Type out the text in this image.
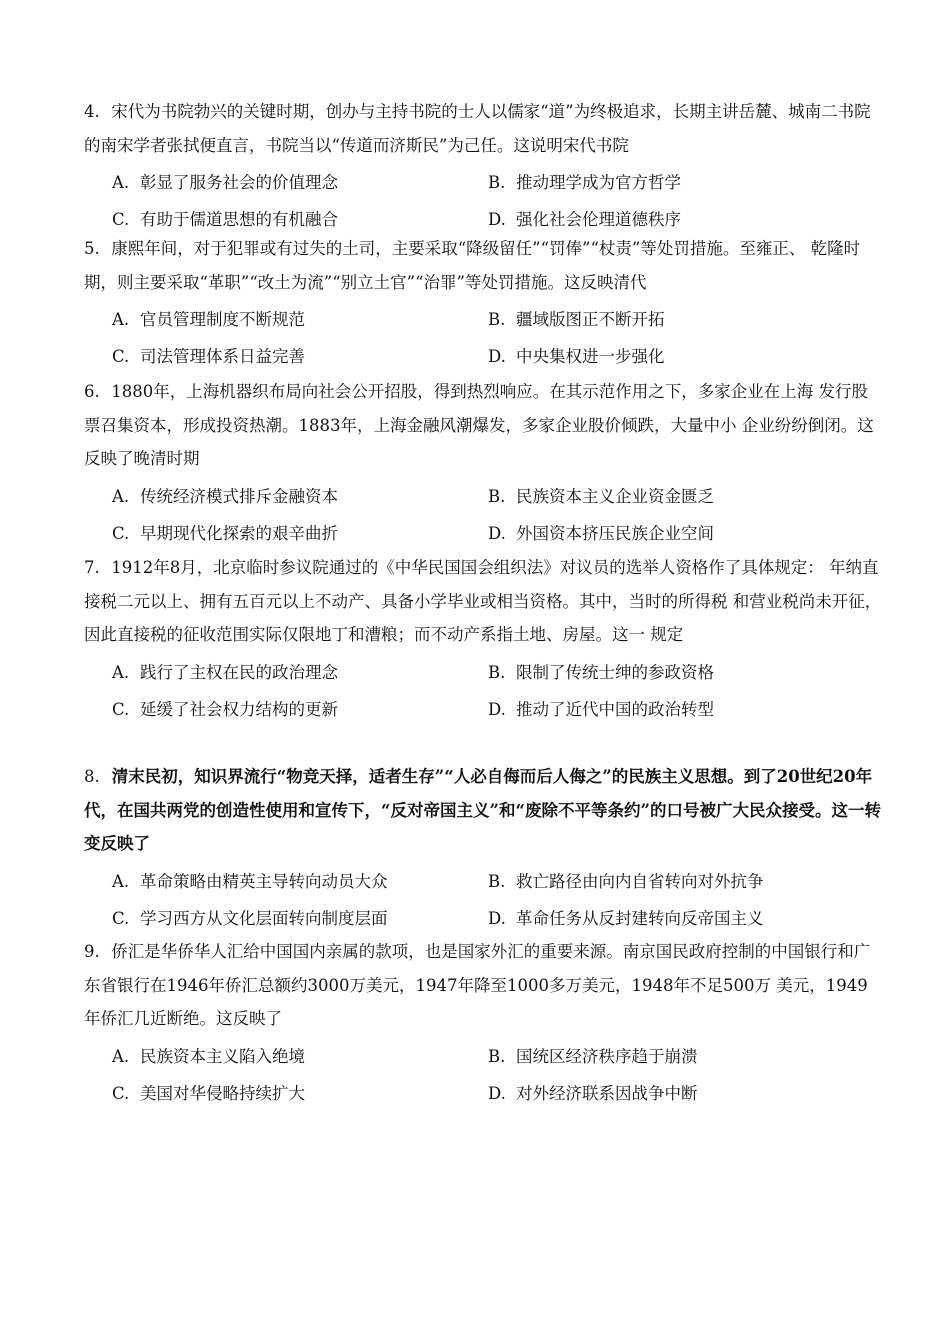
4. 宋代为书院勃兴的关键时期，创办与主持书院的士人以儒家“道”为终极追求，长期主讲岳麓、城南二书院的南宋学者张拭便直言，书院当以“传道而济斯民”为己任。这说明宋代书院
A. 彰显了服务社会的价值理念	B. 推动理学成为官方哲学
C. 有助于儒道思想的有机融合	D. 强化社会伦理道德秩序
5. 康熙年间，对于犯罪或有过失的土司，主要采取“降级留任”“罚俸”“杖责”等处罚措施。至雍正、 乾隆时期，则主要采取“革职”“改土为流”“别立土官”“治罪”等处罚措施。这反映清代
A. 官员管理制度不断规范	B. 疆域版图正不断开拓
C. 司法管理体系日益完善	D. 中央集权进一步强化
6. 1880年，上海机器织布局向社会公开招股，得到热烈响应。在其示范作用之下，多家企业在上海 发行股票召集资本，形成投资热潮。1883年，上海金融风潮爆发，多家企业股价倾跌，大量中小 企业纷纷倒闭。这反映了晚清时期
A. 传统经济模式排斥金融资本	B. 民族资本主义企业资金匮乏
C. 早期现代化探索的艰辛曲折	D. 外国资本挤压民族企业空间
7. 1912年8月，北京临时参议院通过的《中华民国国会组织法》对议员的选举人资格作了具体规定： 年纳直接税二元以上、拥有五百元以上不动产、具备小学毕业或相当资格。其中，当时的所得税 和营业税尚未开征，因此直接税的征收范围实际仅限地丁和漕粮；而不动产系指土地、房屋。这一 规定
A. 践行了主权在民的政治理念	B. 限制了传统士绅的参政资格
C. 延缓了社会权力结构的更新	D. 推动了近代中国的政治转型
8. 清末民初，知识界流行“物竞天择，适者生存”“人必自侮而后人侮之”的民族主义思想。到了20世纪20年代，在国共两党的创造性使用和宣传下，“反对帝国主义”和“废除不平等条约”的口号被广大民众接受。这一转变反映了
A. 革命策略由精英主导转向动员大众	B. 救亡路径由向内自省转向对外抗争
C. 学习西方从文化层面转向制度层面	D. 革命任务从反封建转向反帝国主义
9. 侨汇是华侨华人汇给中国国内亲属的款项，也是国家外汇的重要来源。南京国民政府控制的中国银行和广东省银行在1946年侨汇总额约3000万美元，1947年降至1000多万美元，1948年不足500万 美元，1949年侨汇几近断绝。这反映了
A. 民族资本主义陷入绝境	B. 国统区经济秩序趋于崩溃
C. 美国对华侵略持续扩大	D. 对外经济联系因战争中断
